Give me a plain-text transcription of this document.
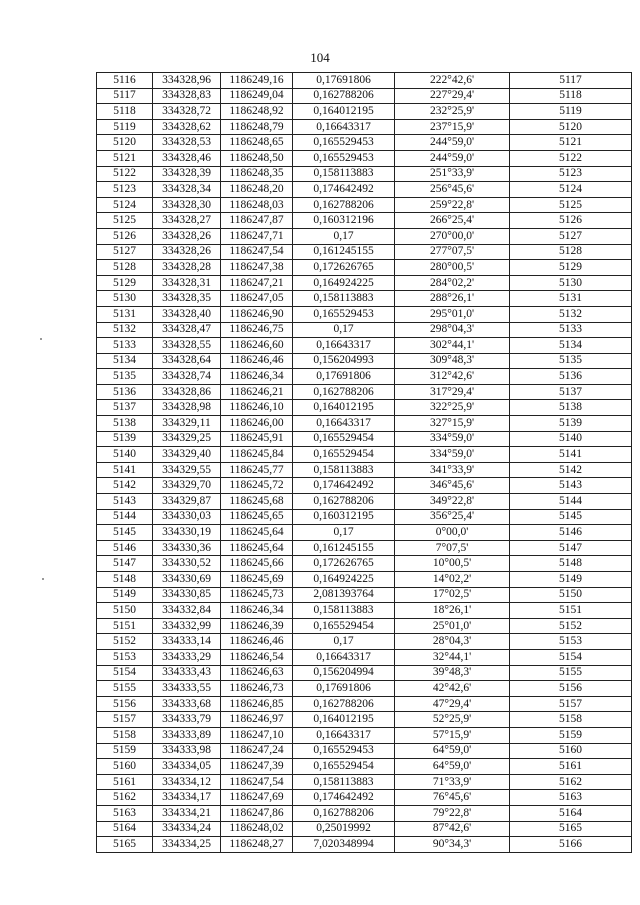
104
5116	334328,96	1186249,16	0,17691806	222°42,6'	5117
5117	334328,83	1186249,04	0,162788206	227°29,4'	5118
5118	334328,72	1186248,92	0,164012195	232°25,9'	5119
5119	334328,62	1186248,79	0,16643317	237°15,9'	5120
5120	334328,53	1186248,65	0,165529453	244°59,0'	5121
5121	334328,46	1186248,50	0,165529453	244°59,0'	5122
5122	334328,39	1186248,35	0,158113883	251°33,9'	5123
5123	334328,34	1186248,20	0,174642492	256°45,6'	5124
5124	334328,30	1186248,03	0,162788206	259°22,8'	5125
5125	334328,27	1186247,87	0,160312196	266°25,4'	5126
5126	334328,26	1186247,71	0,17	270°00,0'	5127
5127	334328,26	1186247,54	0,161245155	277°07,5'	5128
5128	334328,28	1186247,38	0,172626765	280°00,5'	5129
5129	334328,31	1186247,21	0,164924225	284°02,2'	5130
5130	334328,35	1186247,05	0,158113883	288°26,1'	5131
5131	334328,40	1186246,90	0,165529453	295°01,0'	5132
5132	334328,47	1186246,75	0,17	298°04,3'	5133
5133	334328,55	1186246,60	0,16643317	302°44,1'	5134
5134	334328,64	1186246,46	0,156204993	309°48,3'	5135
5135	334328,74	1186246,34	0,17691806	312°42,6'	5136
5136	334328,86	1186246,21	0,162788206	317°29,4'	5137
5137	334328,98	1186246,10	0,164012195	322°25,9'	5138
5138	334329,11	1186246,00	0,16643317	327°15,9'	5139
5139	334329,25	1186245,91	0,165529454	334°59,0'	5140
5140	334329,40	1186245,84	0,165529454	334°59,0'	5141
5141	334329,55	1186245,77	0,158113883	341°33,9'	5142
5142	334329,70	1186245,72	0,174642492	346°45,6'	5143
5143	334329,87	1186245,68	0,162788206	349°22,8'	5144
5144	334330,03	1186245,65	0,160312195	356°25,4'	5145
5145	334330,19	1186245,64	0,17	0°00,0'	5146
5146	334330,36	1186245,64	0,161245155	7°07,5'	5147
5147	334330,52	1186245,66	0,172626765	10°00,5'	5148
5148	334330,69	1186245,69	0,164924225	14°02,2'	5149
5149	334330,85	1186245,73	2,081393764	17°02,5'	5150
5150	334332,84	1186246,34	0,158113883	18°26,1'	5151
5151	334332,99	1186246,39	0,165529454	25°01,0'	5152
5152	334333,14	1186246,46	0,17	28°04,3'	5153
5153	334333,29	1186246,54	0,16643317	32°44,1'	5154
5154	334333,43	1186246,63	0,156204994	39°48,3'	5155
5155	334333,55	1186246,73	0,17691806	42°42,6'	5156
5156	334333,68	1186246,85	0,162788206	47°29,4'	5157
5157	334333,79	1186246,97	0,164012195	52°25,9'	5158
5158	334333,89	1186247,10	0,16643317	57°15,9'	5159
5159	334333,98	1186247,24	0,165529453	64°59,0'	5160
5160	334334,05	1186247,39	0,165529454	64°59,0'	5161
5161	334334,12	1186247,54	0,158113883	71°33,9'	5162
5162	334334,17	1186247,69	0,174642492	76°45,6'	5163
5163	334334,21	1186247,86	0,162788206	79°22,8'	5164
5164	334334,24	1186248,02	0,25019992	87°42,6'	5165
5165	334334,25	1186248,27	7,020348994	90°34,3'	5166
